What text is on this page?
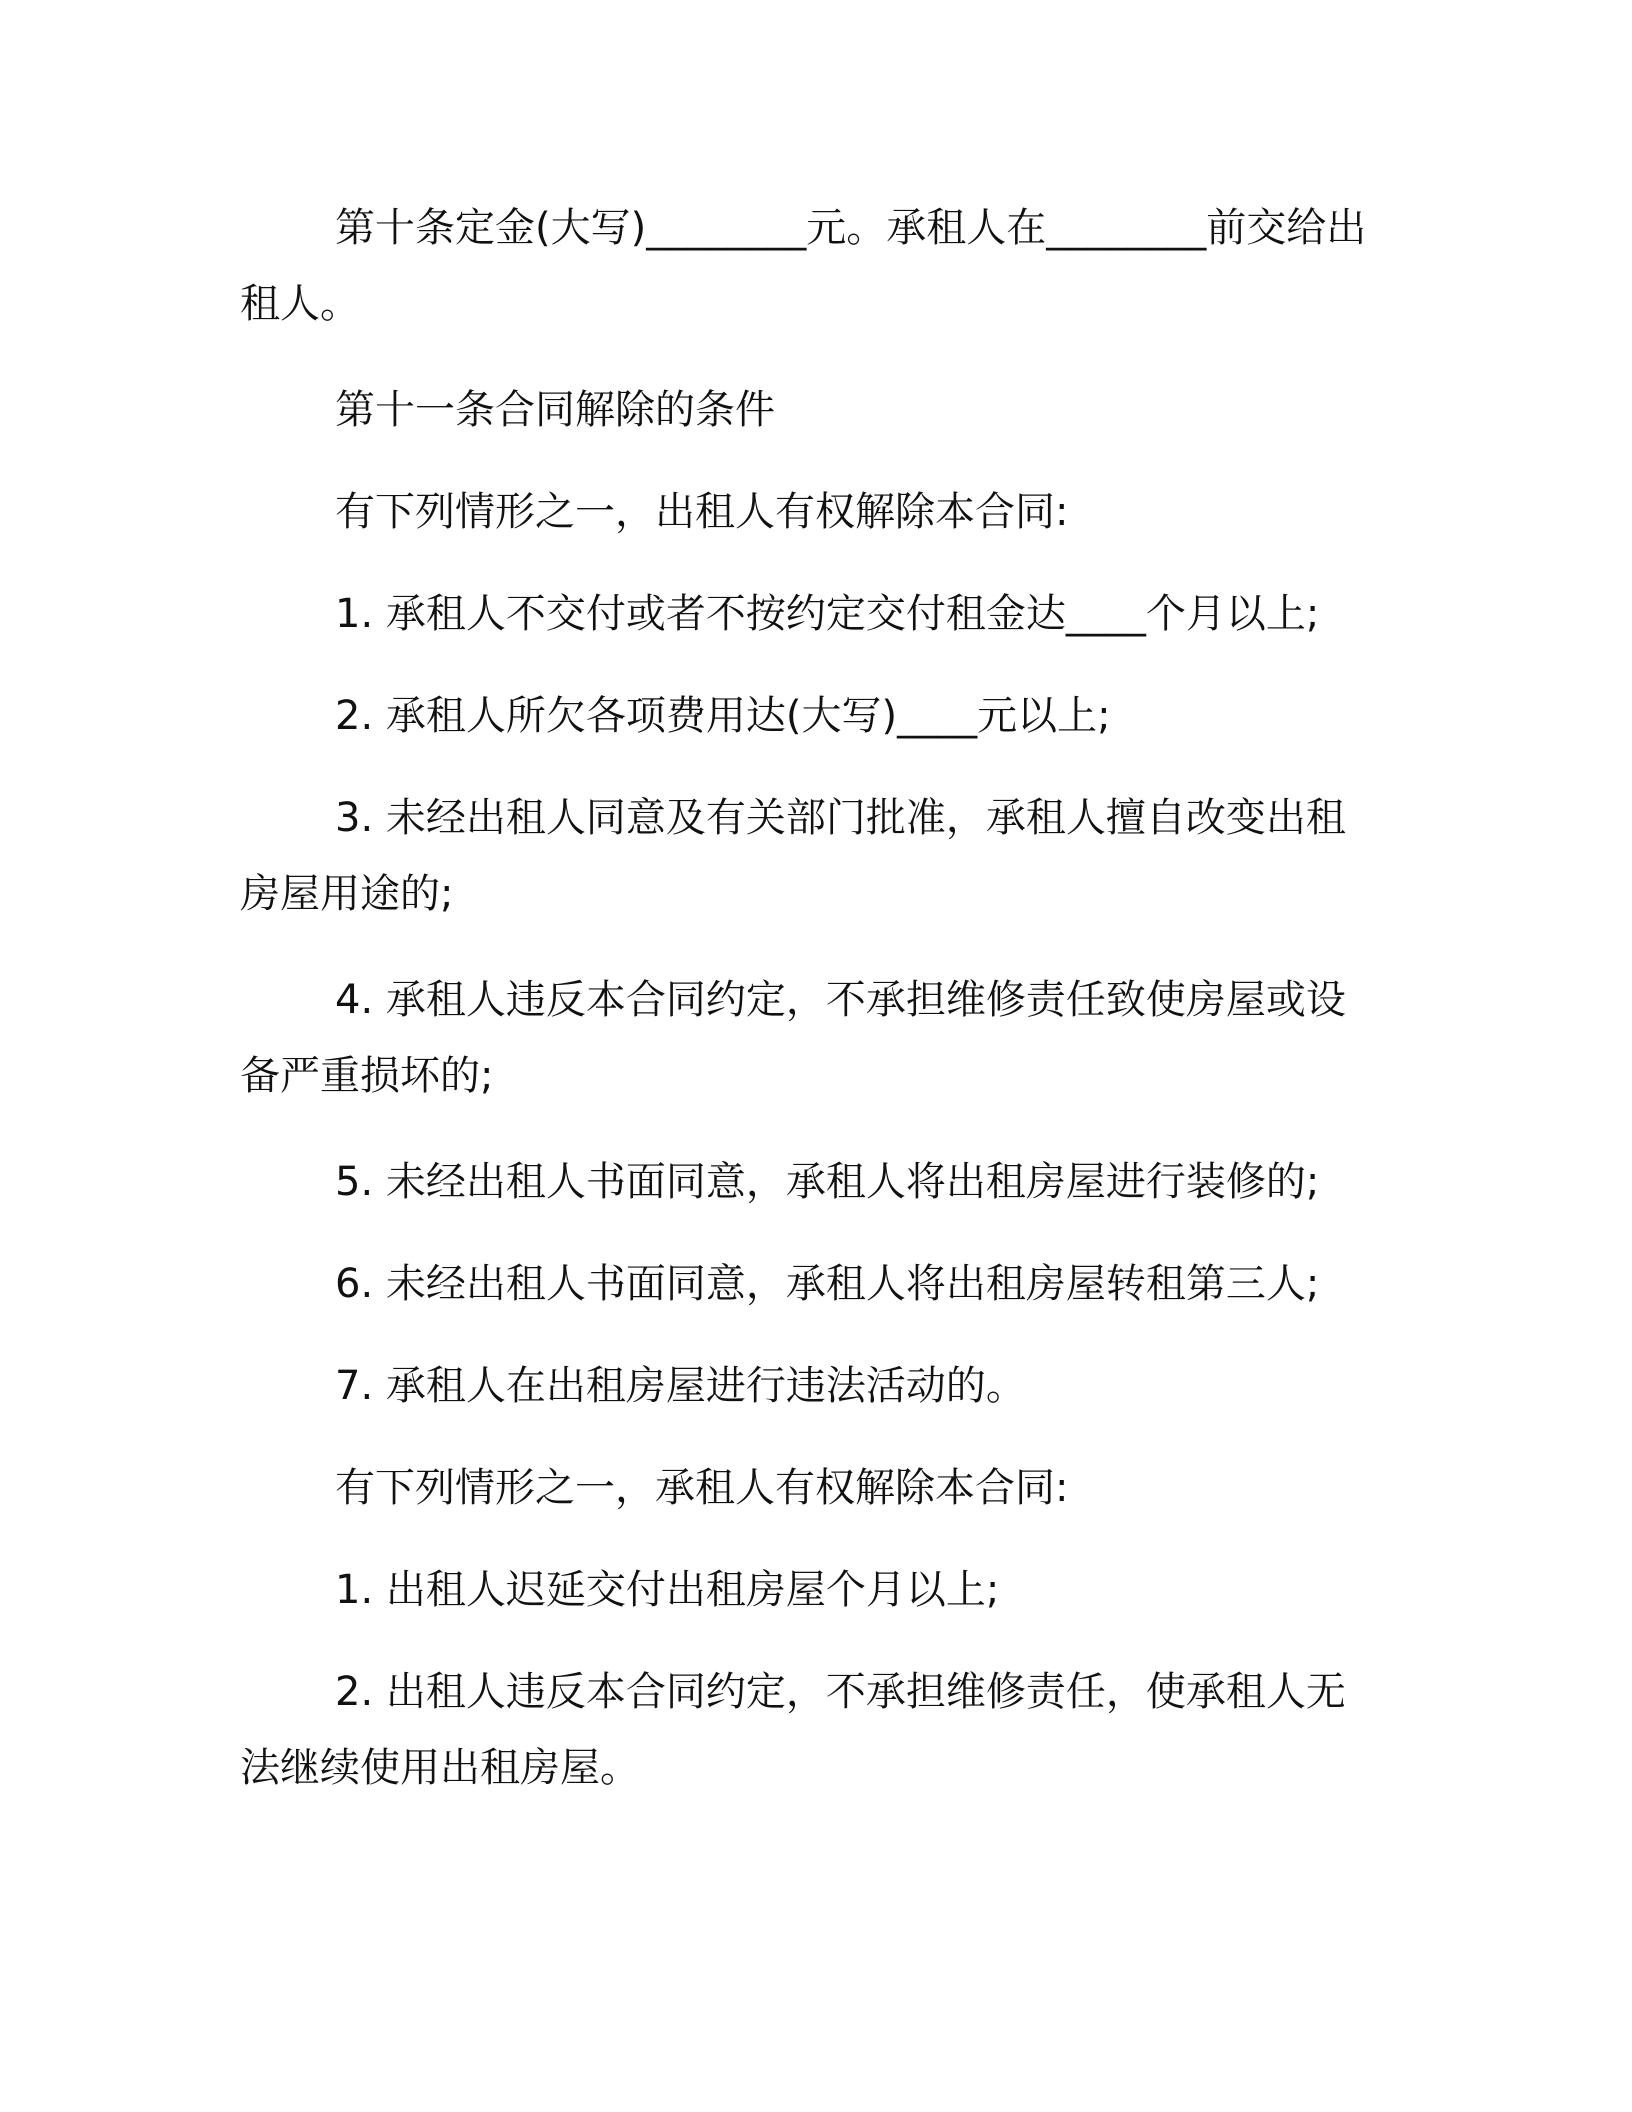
第十条定金(大写)________元。承租人在________前交给出租人。

第十一条合同解除的条件

有下列情形之一，出租人有权解除本合同:

1. 承租人不交付或者不按约定交付租金达____个月以上;

2. 承租人所欠各项费用达(大写)____元以上;

3. 未经出租人同意及有关部门批准，承租人擅自改变出租房屋用途的;

4. 承租人违反本合同约定，不承担维修责任致使房屋或设备严重损坏的;

5. 未经出租人书面同意，承租人将出租房屋进行装修的;

6. 未经出租人书面同意，承租人将出租房屋转租第三人;

7. 承租人在出租房屋进行违法活动的。

有下列情形之一，承租人有权解除本合同:

1. 出租人迟延交付出租房屋个月以上;

2. 出租人违反本合同约定，不承担维修责任，使承租人无法继续使用出租房屋。
